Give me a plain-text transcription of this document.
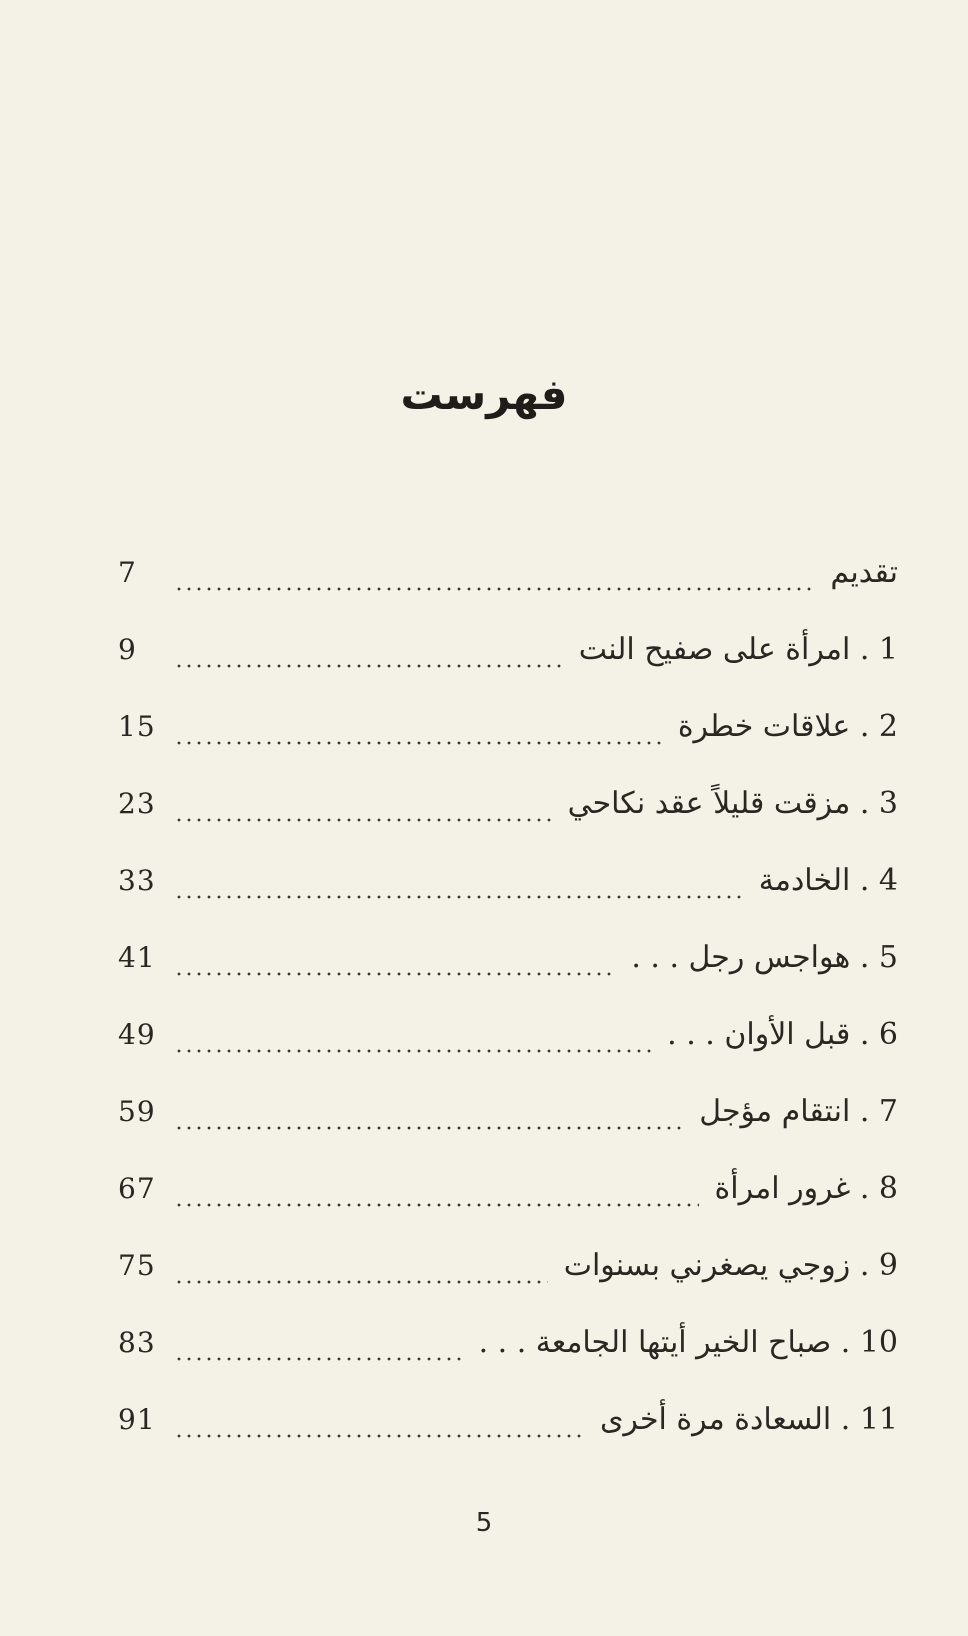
فهرست
تقديم
7
1 . امرأة على صفيح النت
9
2 . علاقات خطرة
15
3 . مزقت قليلاً عقد نكاحي
23
4 . الخادمة
33
5 . هواجس رجل . . .
41
6 . قبل الأوان . . .
49
7 . انتقام مؤجل
59
8 . غرور امرأة
67
9 . زوجي يصغرني بسنوات
75
10 . صباح الخير أيتها الجامعة . . .
83
11 . السعادة مرة أخرى
91
5
